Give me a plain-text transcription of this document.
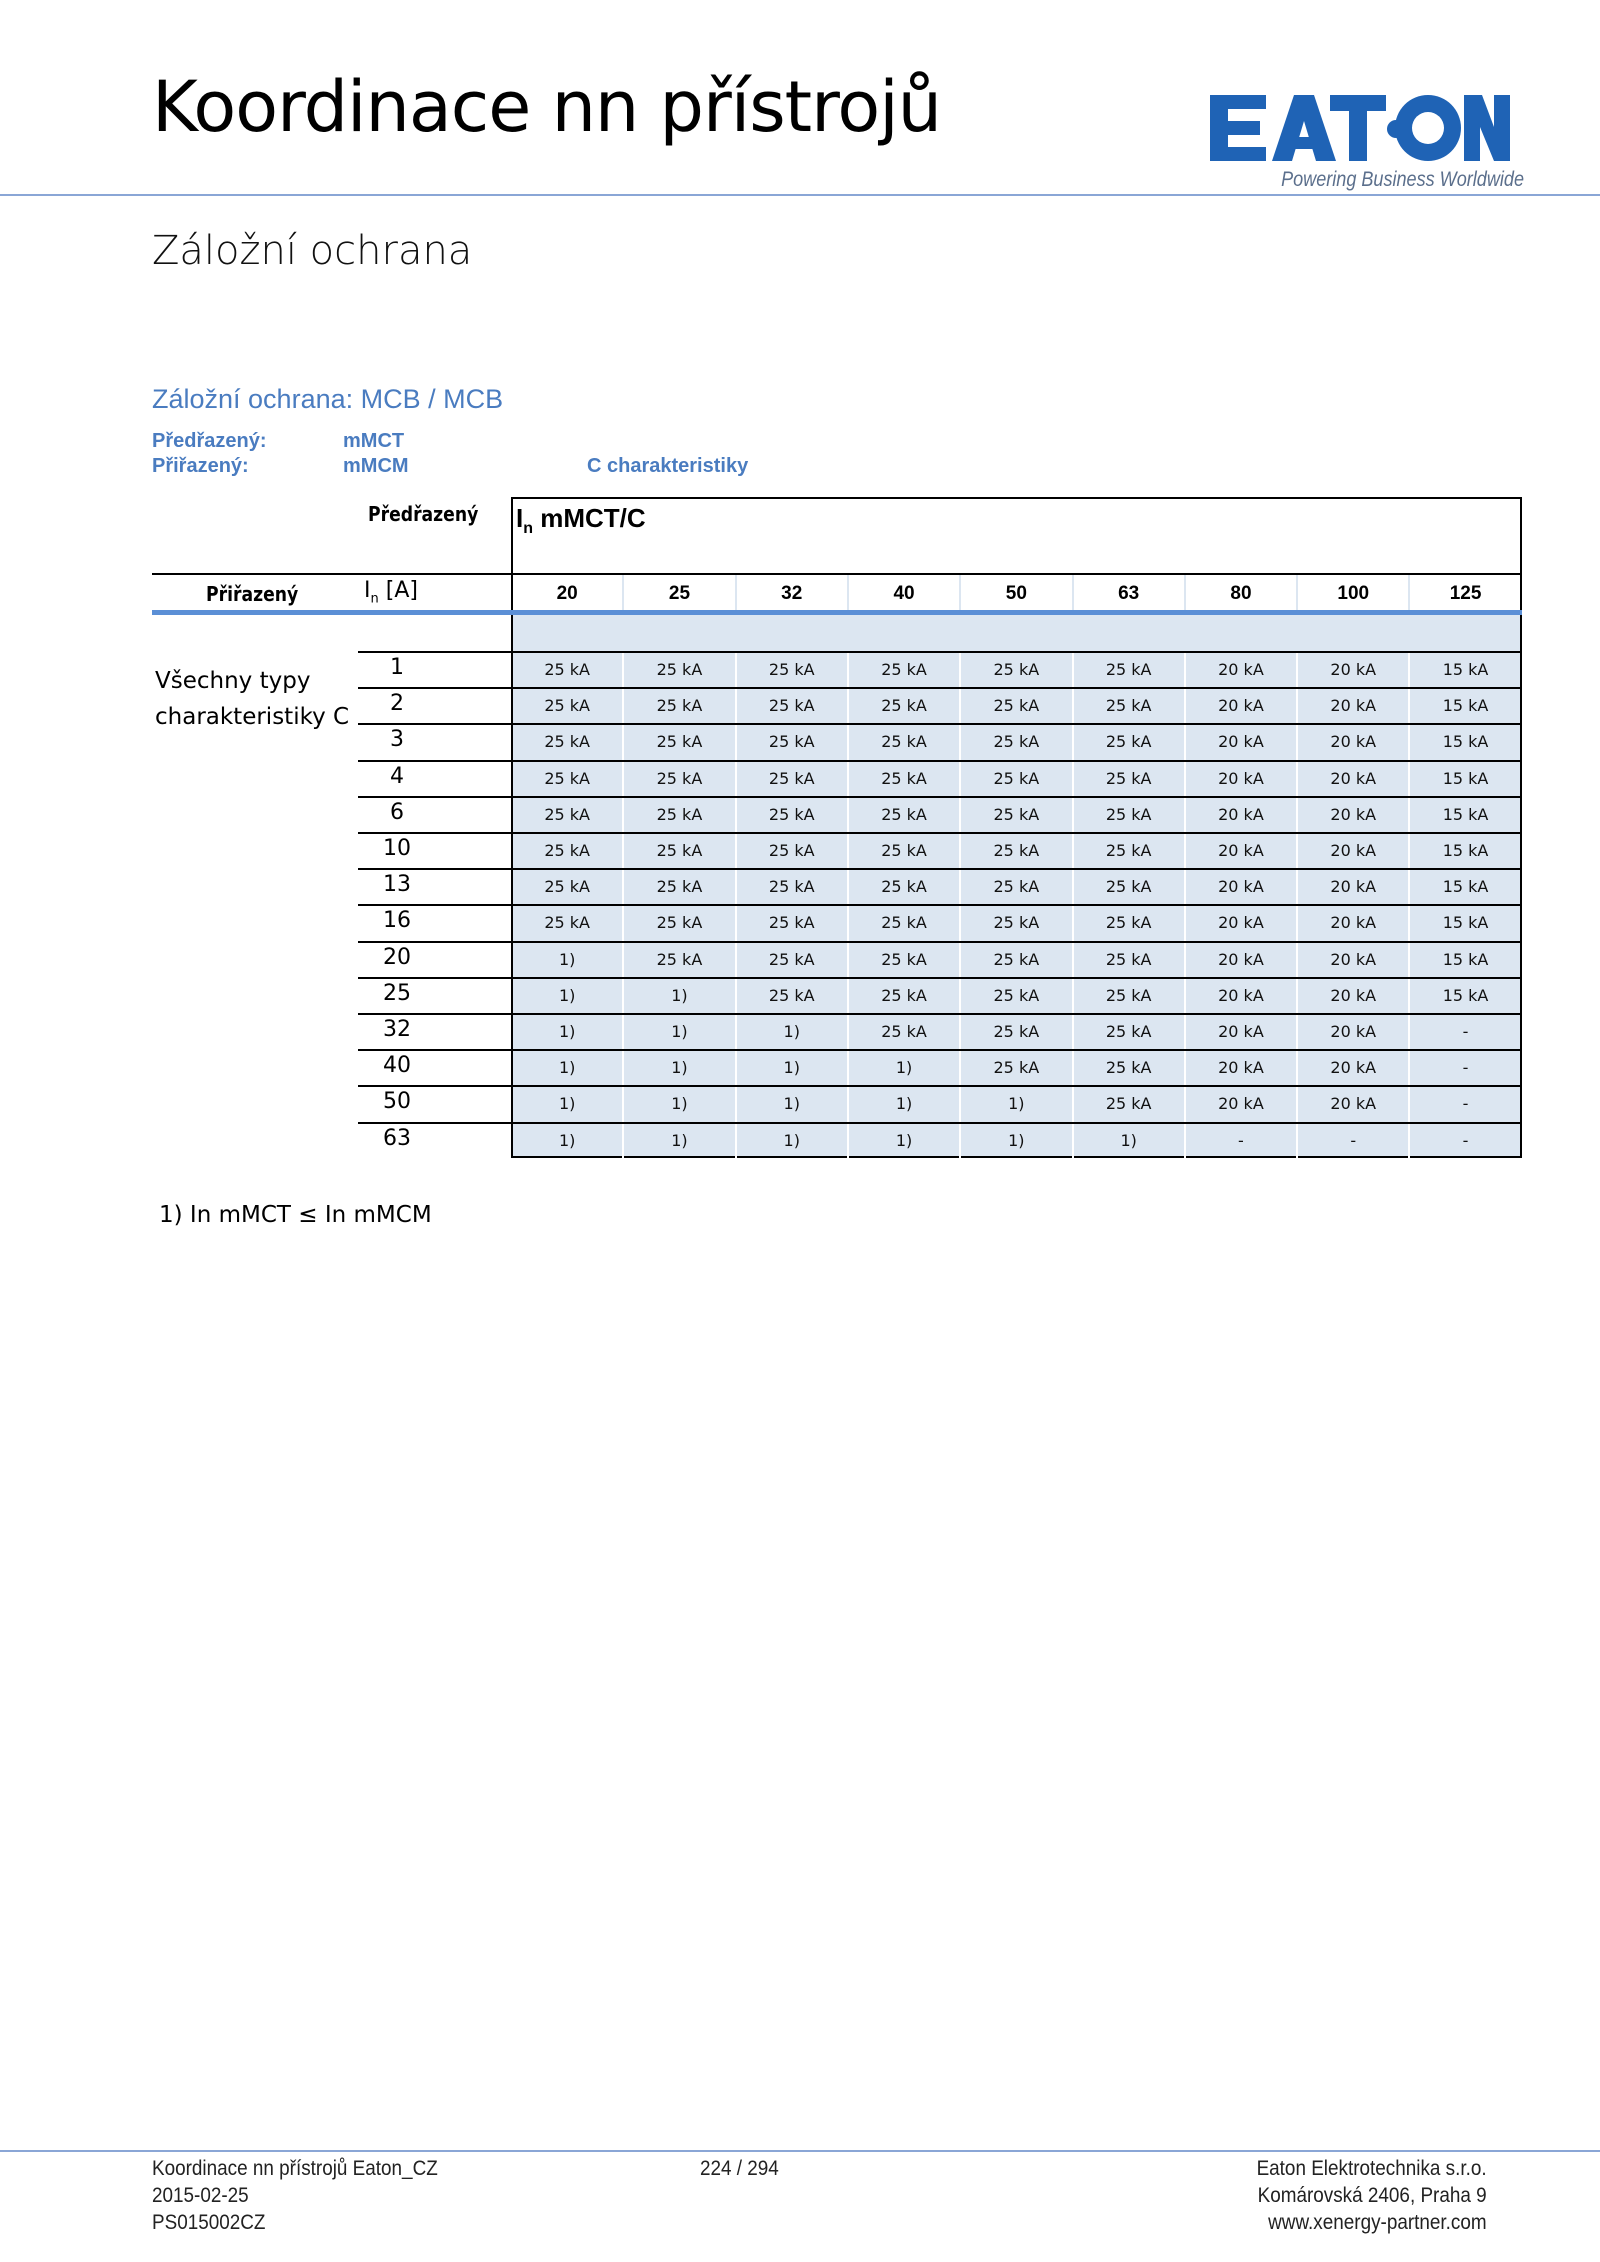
Koordinace nn přístrojů
Powering Business Worldwide
Záložní ochrana
Záložní ochrana: MCB / MCB
Předřazený:	mMCT
Přiřazený:	mMCM	C charakteristiky
$I_n$ mMCT/C
Předřazený
Přiřazený	$I_n$ [A]	20	25	32	40	50	63	80	100	125
Všechny typy
charakteristiky C
1	25 kA	25 kA	25 kA	25 kA	25 kA	25 kA	20 kA	20 kA	15 kA
2	25 kA	25 kA	25 kA	25 kA	25 kA	25 kA	20 kA	20 kA	15 kA
3	25 kA	25 kA	25 kA	25 kA	25 kA	25 kA	20 kA	20 kA	15 kA
4	25 kA	25 kA	25 kA	25 kA	25 kA	25 kA	20 kA	20 kA	15 kA
6	25 kA	25 kA	25 kA	25 kA	25 kA	25 kA	20 kA	20 kA	15 kA
10	25 kA	25 kA	25 kA	25 kA	25 kA	25 kA	20 kA	20 kA	15 kA
13	25 kA	25 kA	25 kA	25 kA	25 kA	25 kA	20 kA	20 kA	15 kA
16	25 kA	25 kA	25 kA	25 kA	25 kA	25 kA	20 kA	20 kA	15 kA
20	1)	25 kA	25 kA	25 kA	25 kA	25 kA	20 kA	20 kA	15 kA
25	1)	1)	25 kA	25 kA	25 kA	25 kA	20 kA	20 kA	15 kA
32	1)	1)	1)	25 kA	25 kA	25 kA	20 kA	20 kA	-
40	1)	1)	1)	1)	25 kA	25 kA	20 kA	20 kA	-
50	1)	1)	1)	1)	1)	25 kA	20 kA	20 kA	-
63	1)	1)	1)	1)	1)	1)	-	-	-
1) In mMCT ≤ In mMCM
Koordinace nn přístrojů Eaton_CZ
2015-02-25
PS015002CZ
224 / 294	Eaton Elektrotechnika s.r.o.
Komárovská 2406, Praha 9
www.xenergy-partner.com
